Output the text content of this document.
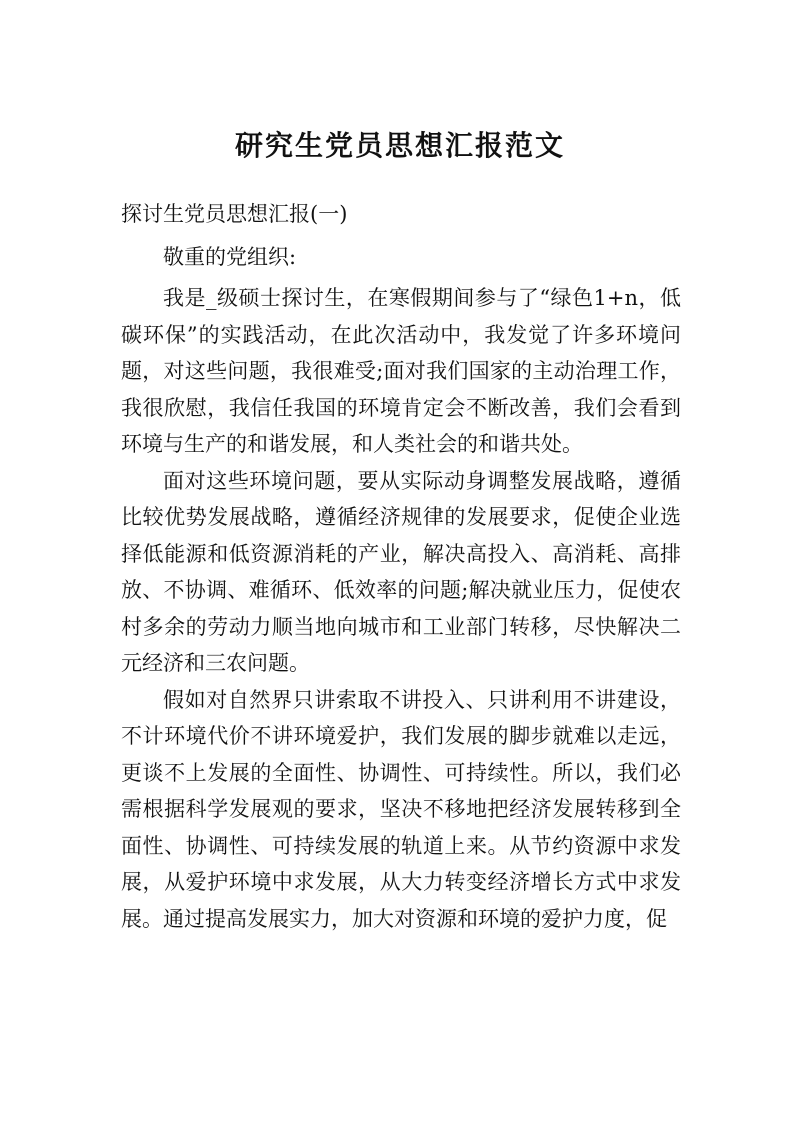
研究生党员思想汇报范文
探讨生党员思想汇报(一)
敬重的党组织:

我是_级硕士探讨生，在寒假期间参与了“绿色1+n，低碳环保”的实践活动，在此次活动中，我发觉了许多环境问题，对这些问题，我很难受;面对我们国家的主动治理工作，我很欣慰，我信任我国的环境肯定会不断改善，我们会看到环境与生产的和谐发展，和人类社会的和谐共处。

面对这些环境问题，要从实际动身调整发展战略，遵循比较优势发展战略，遵循经济规律的发展要求，促使企业选择低能源和低资源消耗的产业，解决高投入、高消耗、高排放、不协调、难循环、低效率的问题;解决就业压力，促使农村多余的劳动力顺当地向城市和工业部门转移，尽快解决二元经济和三农问题。

假如对自然界只讲索取不讲投入、只讲利用不讲建设，不计环境代价不讲环境爱护，我们发展的脚步就难以走远，更谈不上发展的全面性、协调性、可持续性。所以，我们必需根据科学发展观的要求，坚决不移地把经济发展转移到全面性、协调性、可持续发展的轨道上来。从节约资源中求发展，从爱护环境中求发展，从大力转变经济增长方式中求发展。通过提高发展实力，加大对资源和环境的爱护力度，促
